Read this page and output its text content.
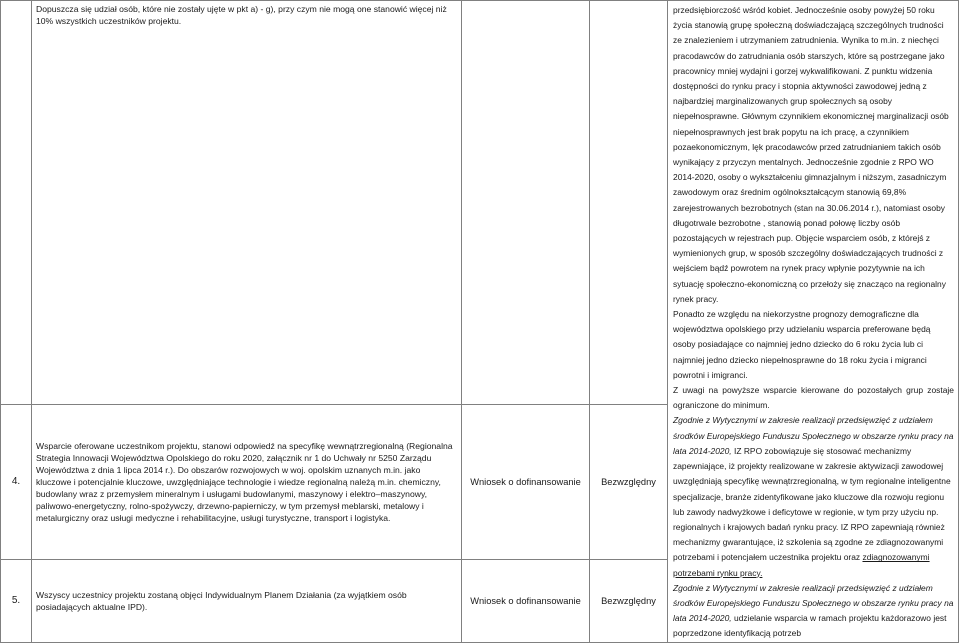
	Dopuszcza się udział osób, które nie zostały ujęte w pkt a) - g), przy czym nie mogą one stanowić więcej niż 10% wszystkich uczestników projektu.			przedsiębiorczość wśród kobiet. Jednocześnie osoby powyżej 50 roku życia stanowią grupę społeczną doświadczającą szczególnych trudności ze znalezieniem i utrzymaniem zatrudnienia. Wynika to m.in. z niechęci pracodawców do zatrudniania osób starszych, które są postrzegane jako pracownicy mniej wydajni i gorzej wykwalifikowani. Z punktu widzenia dostępności do rynku pracy i stopnia aktywności zawodowej jedną z najbardziej marginalizowanych grup społecznych są osoby niepełnosprawne. Głównym czynnikiem ekonomicznej marginalizacji osób niepełnosprawnych jest brak popytu na ich pracę, a czynnikiem pozaekonomicznym, lęk pracodawców przed zatrudnianiem takich osób wynikający z przyczyn mentalnych. Jednocześnie zgodnie z RPO WO 2014-2020, osoby o wykształceniu gimnazjalnym i niższym, zasadniczym zawodowym oraz średnim ogólnokształcącym stanowią 69,8% zarejestrowanych bezrobotnych (stan na 30.06.2014 r.), natomiast osoby długotrwale bezrobotne , stanowią ponad połowę liczby osób pozostających w rejestrach pup. Objęcie wsparciem osób, z którejś z wymienionych grup, w sposób szczególny doświadczających trudności z wejściem bądź powrotem na rynek pracy wpłynie pozytywnie na ich sytuację społeczno-ekonomiczną co przełoży się znacząco na regionalny rynek pracy.

Ponadto ze względu na niekorzystne prognozy demograficzne dla województwa opolskiego przy udzielaniu wsparcia preferowane będą osoby posiadające co najmniej jedno dziecko do 6 roku życia lub ci najmniej jedno dziecko niepełnosprawne do 18 roku życia i migranci powrotni i imigranci.

Z uwagi na powyższe wsparcie kierowane do pozostałych grup zostaje ograniczone do minimum.

Zgodnie z Wytycznymi w zakresie realizacji przedsięwzięć z udziałem środków Europejskiego Funduszu Społecznego w obszarze rynku pracy na lata 2014-2020, IZ RPO zobowiązuje się stosować mechanizmy zapewniające, iż projekty realizowane w zakresie aktywizacji zawodowej uwzględniają specyfikę wewnątrzregionalną, w tym regionalne inteligentne specjalizacje, branże zidentyfikowane jako kluczowe dla rozwoju regionu lub zawody nadwyżkowe i deficytowe w regionie, w tym przy użyciu np. regionalnych i krajowych badań rynku pracy. IZ RPO zapewniają również mechanizmy gwarantujące, iż szkolenia są zgodne ze zdiagnozowanymi potrzebami i potencjałem uczestnika projektu oraz zdiagnozowanymi potrzebami rynku pracy.

Zgodnie z Wytycznymi w zakresie realizacji przedsięwzięć z udziałem środków Europejskiego Funduszu Społecznego w obszarze rynku pracy na lata 2014-2020, udzielanie wsparcia w ramach projektu każdorazowo jest poprzedzone identyfikacją potrzeb

4.	Wsparcie oferowane uczestnikom projektu, stanowi odpowiedź na specyfikę wewnątrzregionalną (Regionalna Strategia Innowacji Województwa Opolskiego do roku 2020, załącznik nr 1 do Uchwały nr 5250 Zarządu Województwa z dnia 1 lipca 2014 r.). Do obszarów rozwojowych w woj. opolskim uznanych m.in. jako kluczowe i potencjalnie kluczowe, uwzględniające technologie i wiedze regionalną należą m.in. chemiczny, budowlany wraz z przemysłem mineralnym i usługami budowlanymi, maszynowy i elektro–maszynowy, paliwowo-energetyczny, rolno-spożywczy, drzewno-papierniczy, w tym przemysł meblarski, metalowy i metalurgiczny oraz usługi medyczne i rehabilitacyjne, usługi turystyczne, transport i logistyka.	Wniosek o dofinansowanie	Bezwzględny	
5.	Wszyscy uczestnicy projektu zostaną objęci Indywidualnym Planem Działania (za wyjątkiem osób posiadających aktualne IPD).	Wniosek o dofinansowanie	Bezwzględny	
